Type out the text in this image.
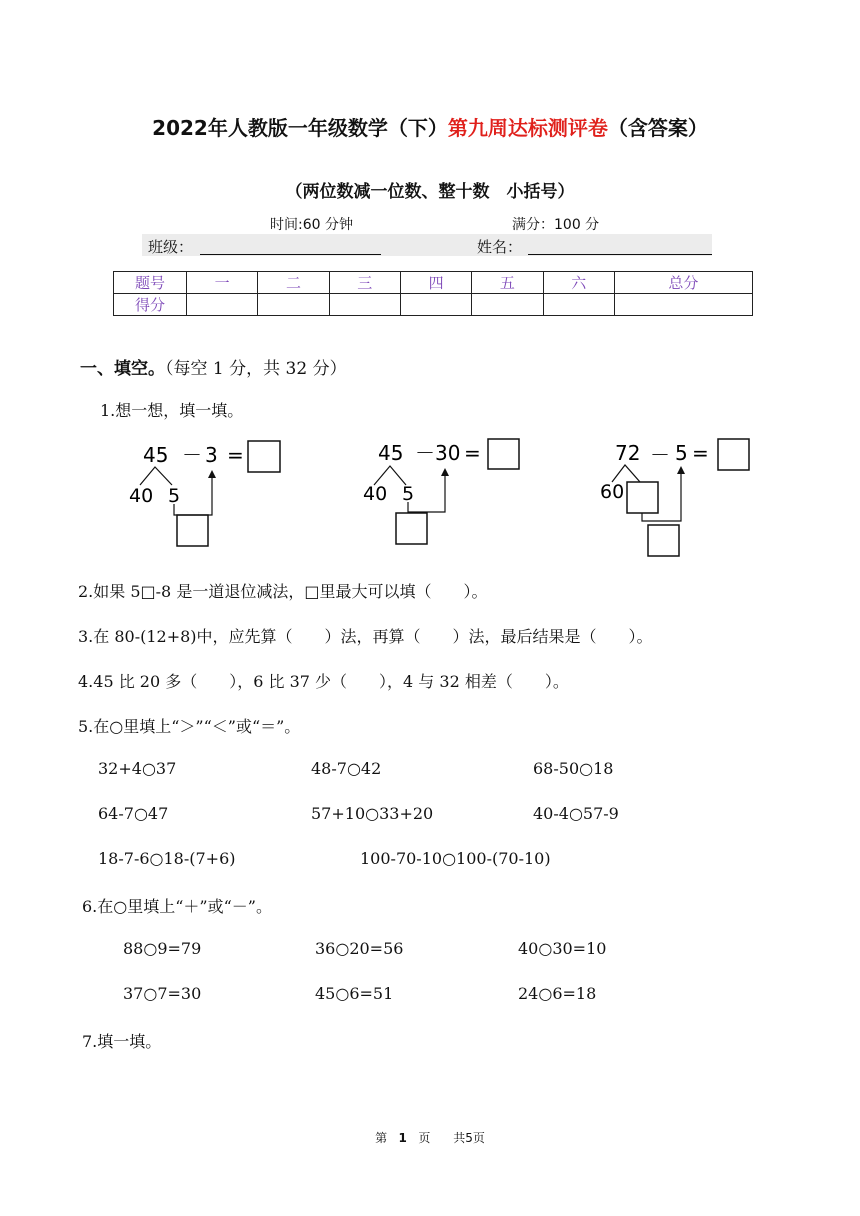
2022年人教版一年级数学（下）第九周达标测评卷（含答案）
（两位数减一位数、整十数　小括号）
时间:60 分钟	满分：100 分
班级：	姓名：
题号	一	二	三	四	五	六	总分
得分							
一、填空。（每空 1 分，共 32 分）
1.想一想，填一填。
45 － 3 =
40 5
45 － 30 =
40 5
72 － 5 =
60
2.如果 5□-8 是一道退位减法，□里最大可以填（　　）。
3.在 80-(12+8)中，应先算（　　）法，再算（　　）法，最后结果是（　　）。
4.45 比 20 多（　　），6 比 37 少（　　），4 与 32 相差（　　）。
5.在○里填上“＞”“＜”或“＝”。
32+4○37	48-7○42	68-50○18
64-7○47	57+10○33+20	40-4○57-9
18-7-6○18-(7+6)	100-70-10○100-(70-10)
6.在○里填上“＋”或“－”。
88○9=79	36○20=56	40○30=10
37○7=30	45○6=51	24○6=18
7.填一填。
第 1 页 共5页
